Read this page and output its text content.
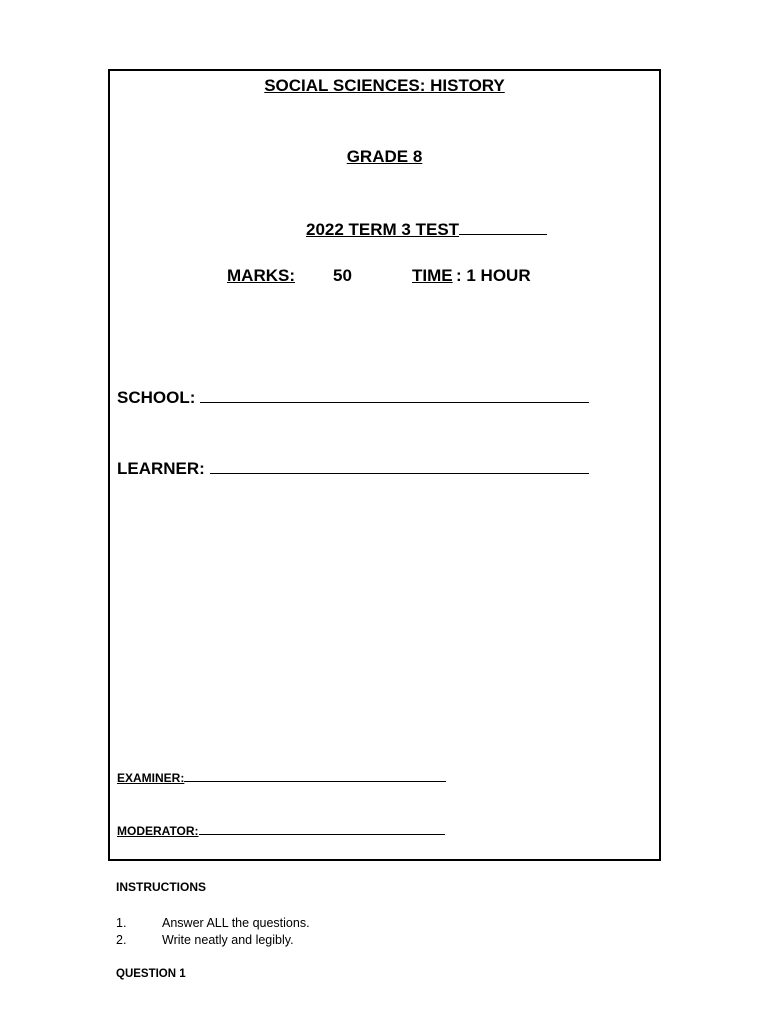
SOCIAL SCIENCES: HISTORY
GRADE 8
2022 TERM 3 TEST
MARKS: 50	TIME : 1 HOUR
SCHOOL:
LEARNER:
EXAMINER:
MODERATOR:
INSTRUCTIONS
1.	Answer ALL the questions.
2.	Write neatly and legibly.
QUESTION 1
